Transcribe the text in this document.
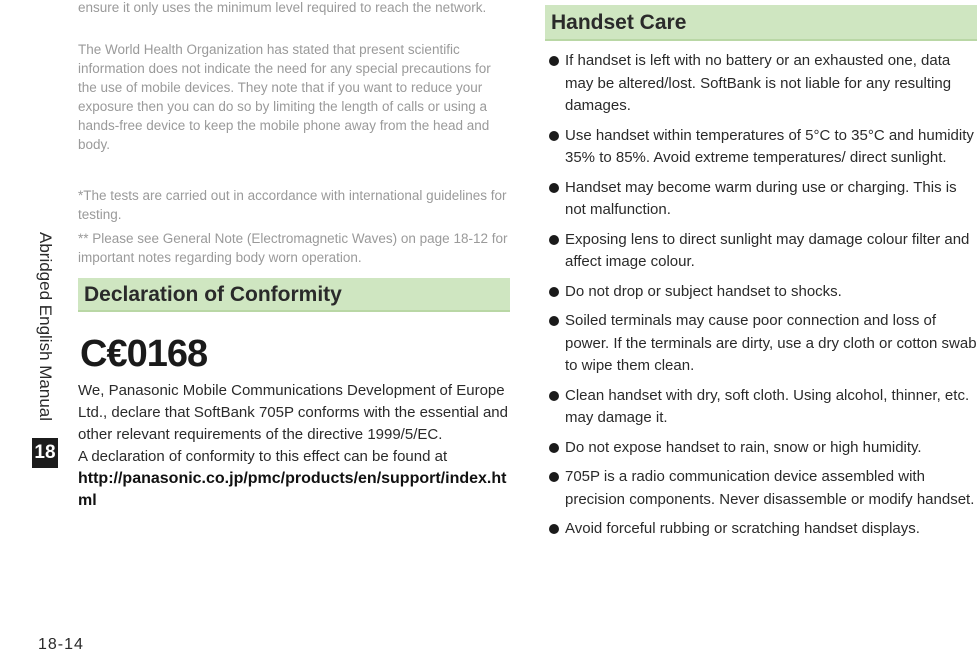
Abridged English Manual
18

ensure it only uses the minimum level required to reach the network.

The World Health Organization has stated that present scientific information does not indicate the need for any special precautions for the use of mobile devices. They note that if you want to reduce your exposure then you can do so by limiting the length of calls or using a hands-free device to keep the mobile phone away from the head and body.

*The tests are carried out in accordance with international guidelines for testing.

** Please see General Note (Electromagnetic Waves) on page 18-12 for important notes regarding body worn operation.

Declaration of Conformity
C€0168
We, Panasonic Mobile Communications Development of Europe Ltd., declare that SoftBank 705P conforms with the essential and other relevant requirements of the directive 1999/5/EC.
A declaration of conformity to this effect can be found at
http://panasonic.co.jp/pmc/products/en/support/index.html
Handset Care
If handset is left with no battery or an exhausted one, data may be altered/lost. SoftBank is not liable for any resulting damages.
Use handset within temperatures of 5°C to 35°C and humidity 35% to 85%. Avoid extreme temperatures/ direct sunlight.
Handset may become warm during use or charging. This is not malfunction.
Exposing lens to direct sunlight may damage colour filter and affect image colour.
Do not drop or subject handset to shocks.
Soiled terminals may cause poor connection and loss of power. If the terminals are dirty, use a dry cloth or cotton swab to wipe them clean.
Clean handset with dry, soft cloth. Using alcohol, thinner, etc. may damage it.
Do not expose handset to rain, snow or high humidity.
705P is a radio communication device assembled with precision components. Never disassemble or modify handset.
Avoid forceful rubbing or scratching handset displays.
18-14
